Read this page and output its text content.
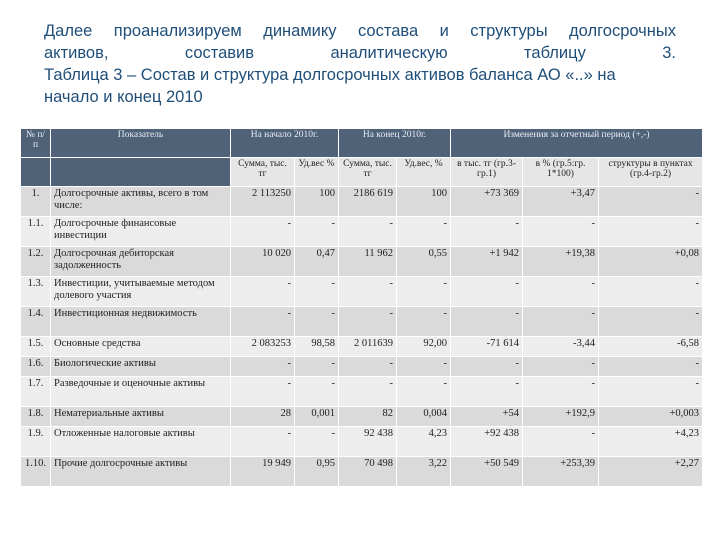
Далее проанализируем динамику состава и структуры долгосрочных
активов, составив аналитическую таблицу 3.
Таблица 3 – Состав и структура долгосрочных активов баланса АО «..» на
начало и конец 2010
№ п/п	Показатель	На начало 2010г.		На конец 2010г.		Изменения за отчетный период (+,-)		
		Сумма, тыс. тг	Уд.вес %	Сумма, тыс. тг	Уд.вес, %	в тыс. тг (гр.3-гр.1)	в % (гр.5:гр. 1*100)	структуры в пунктах (гр.4-гр.2)
1.	Долгосрочные активы, всего в том числе:	2 113250	100	2186 619	100	+73 369	+3,47	-
1.1.	Долгосрочные финансовые инвестиции	-	-	-	-	-	-	-
1.2.	Долгосрочная дебиторская задолженность	10 020	0,47	11 962	0,55	+1 942	+19,38	+0,08
1.3.	Инвестиции, учитываемые методом долевого участия	-	-	-	-	-	-	-
1.4.	Инвестиционная недвижимость	-	-	-	-	-	-	-
1.5.	Основные средства	2 083253	98,58	2 011639	92,00	-71 614	-3,44	-6,58
1.6.	Биологические активы	-	-	-	-	-	-	-
1.7.	Разведочные и оценочные активы	-	-	-	-	-	-	-
1.8.	Нематериальные активы	28	0,001	82	0,004	+54	+192,9	+0,003
1.9.	Отложенные налоговые активы	-	-	92 438	4,23	+92 438	-	+4,23
1.10.	Прочие долгосрочные активы	19 949	0,95	70 498	3,22	+50 549	+253,39	+2,27
